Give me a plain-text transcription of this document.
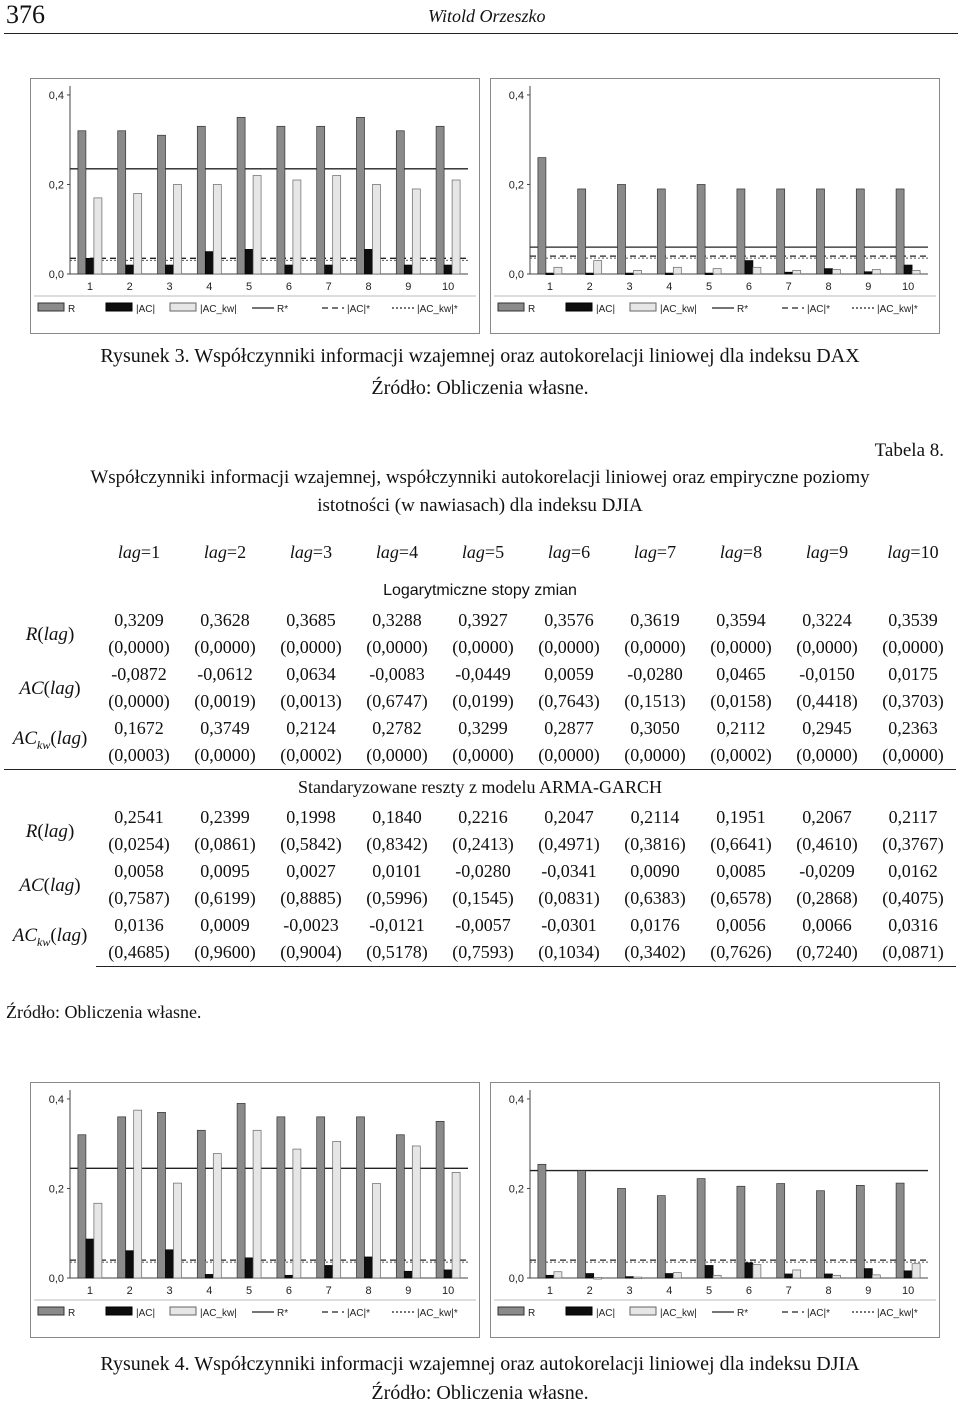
376	Witold Orzeszko
0,0
0,2
0,4
1	2	3	4	5	6	7	8	9	10
R	|AC|	|AC_kw|	R*	|AC|*	|AC_kw|*
0,0
0,2
0,4
1	2	3	4	5	6	7	8	9	10
R	|AC|	|AC_kw|	R*	|AC|*	|AC_kw|*
Rysunek 3. Współczynniki informacji wzajemnej oraz autokorelacji liniowej dla indeksu DAX
Źródło: Obliczenia własne.
Tabela 8.
Współczynniki informacji wzajemnej, współczynniki autokorelacji liniowej oraz empiryczne poziomy
istotności (w nawiasach) dla indeksu DJIA
	lag=1	lag=2	lag=3	lag=4	lag=5	lag=6	lag=7	lag=8	lag=9	lag=10
Logarytmiczne stopy zmian										
R(lag)	0,3209	0,3628	0,3685	0,3288	0,3927	0,3576	0,3619	0,3594	0,3224	0,3539
	(0,0000)	(0,0000)	(0,0000)	(0,0000)	(0,0000)	(0,0000)	(0,0000)	(0,0000)	(0,0000)	(0,0000)
AC(lag)	-0,0872	-0,0612	0,0634	-0,0083	-0,0449	0,0059	-0,0280	0,0465	-0,0150	0,0175
	(0,0000)	(0,0019)	(0,0013)	(0,6747)	(0,0199)	(0,7643)	(0,1513)	(0,0158)	(0,4418)	(0,3703)
$AC_{kw}(lag)$	0,1672	0,3749	0,2124	0,2782	0,3299	0,2877	0,3050	0,2112	0,2945	0,2363
	(0,0003)	(0,0000)	(0,0002)	(0,0000)	(0,0000)	(0,0000)	(0,0000)	(0,0002)	(0,0000)	(0,0000)
Standaryzowane reszty z modelu ARMA-GARCH										
R(lag)	0,2541	0,2399	0,1998	0,1840	0,2216	0,2047	0,2114	0,1951	0,2067	0,2117
	(0,0254)	(0,0861)	(0,5842)	(0,8342)	(0,2413)	(0,4971)	(0,3816)	(0,6641)	(0,4610)	(0,3767)
AC(lag)	0,0058	0,0095	0,0027	0,0101	-0,0280	-0,0341	0,0090	0,0085	-0,0209	0,0162
	(0,7587)	(0,6199)	(0,8885)	(0,5996)	(0,1545)	(0,0831)	(0,6383)	(0,6578)	(0,2868)	(0,4075)
$AC_{kw}(lag)$	0,0136	0,0009	-0,0023	-0,0121	-0,0057	-0,0301	0,0176	0,0056	0,0066	0,0316
	(0,4685)	(0,9600)	(0,9004)	(0,5178)	(0,7593)	(0,1034)	(0,3402)	(0,7626)	(0,7240)	(0,0871)
Źródło: Obliczenia własne.
0,0
0,2
0,4
1	2	3	4	5	6	7	8	9	10
R	|AC|	|AC_kw|	R*	|AC|*	|AC_kw|*
0,0
0,2
0,4
1	2	3	4	5	6	7	8	9	10
R	|AC|	|AC_kw|	R*	|AC|*	|AC_kw|*
Rysunek 4. Współczynniki informacji wzajemnej oraz autokorelacji liniowej dla indeksu DJIA
Źródło: Obliczenia własne.
